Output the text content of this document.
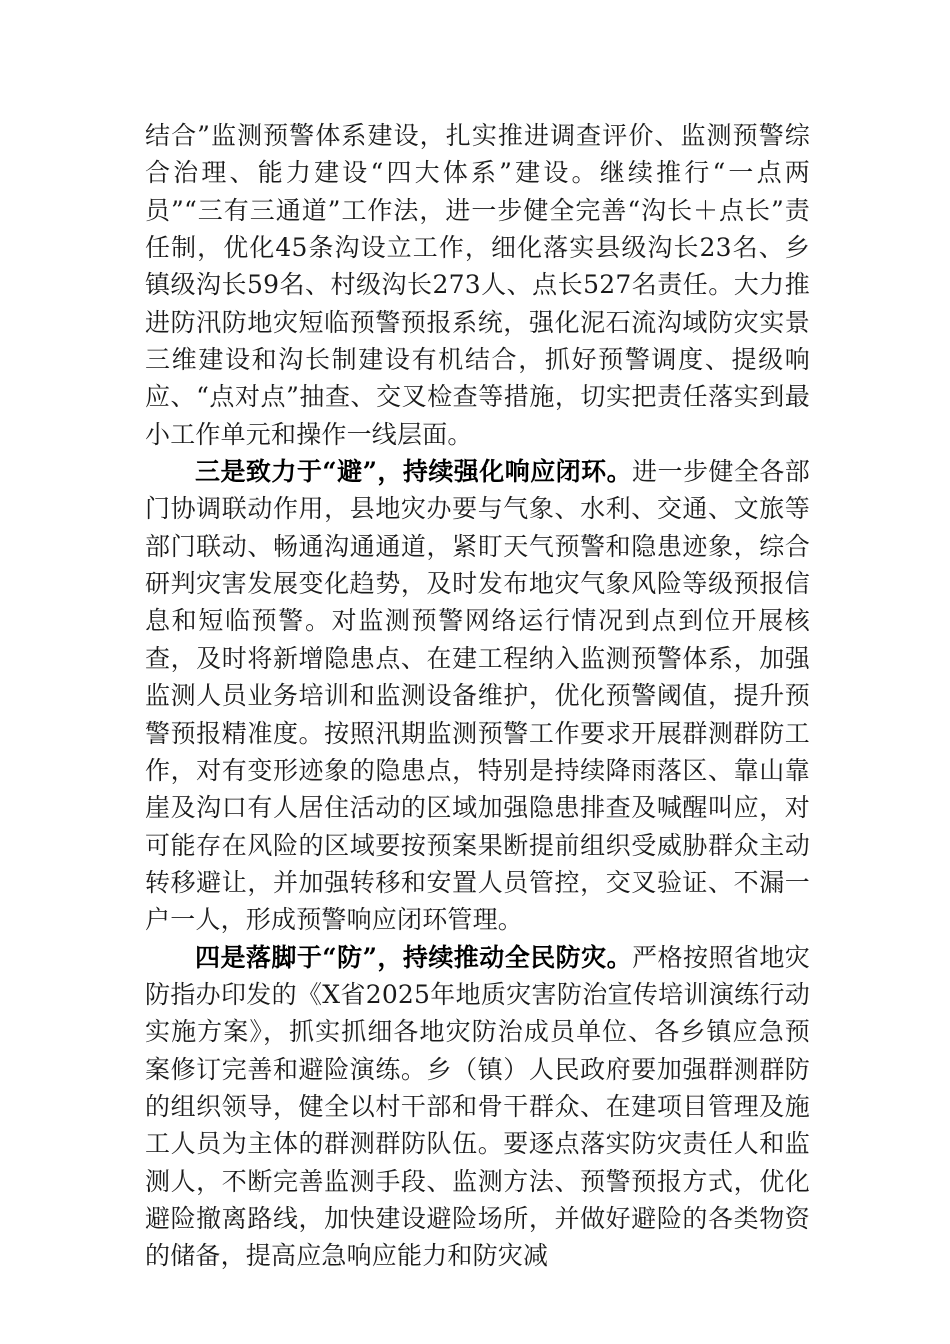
结合”监测预警体系建设，扎实推进调查评价、监测预警综合治理、能力建设“四大体系”建设。继续推行“一点两员”“三有三通道”工作法，进一步健全完善“沟长＋点长”责任制，优化45条沟设立工作，细化落实县级沟长23名、乡镇级沟长59名、村级沟长273人、点长527名责任。大力推进防汛防地灾短临预警预报系统，强化泥石流沟域防灾实景三维建设和沟长制建设有机结合，抓好预警调度、提级响应、“点对点”抽查、交叉检查等措施，切实把责任落实到最小工作单元和操作一线层面。

三是致力于“避”，持续强化响应闭环。进一步健全各部门协调联动作用，县地灾办要与气象、水利、交通、文旅等部门联动、畅通沟通通道，紧盯天气预警和隐患迹象，综合研判灾害发展变化趋势，及时发布地灾气象风险等级预报信息和短临预警。对监测预警网络运行情况到点到位开展核查，及时将新增隐患点、在建工程纳入监测预警体系，加强监测人员业务培训和监测设备维护，优化预警阈值，提升预警预报精准度。按照汛期监测预警工作要求开展群测群防工作，对有变形迹象的隐患点，特别是持续降雨落区、靠山靠崖及沟口有人居住活动的区域加强隐患排查及喊醒叫应，对可能存在风险的区域要按预案果断提前组织受威胁群众主动转移避让，并加强转移和安置人员管控，交叉验证、不漏一户一人，形成预警响应闭环管理。

四是落脚于“防”，持续推动全民防灾。严格按照省地灾防指办印发的《X省2025年地质灾害防治宣传培训演练行动实施方案》，抓实抓细各地灾防治成员单位、各乡镇应急预案修订完善和避险演练。乡（镇）人民政府要加强群测群防的组织领导，健全以村干部和骨干群众、在建项目管理及施工人员为主体的群测群防队伍。要逐点落实防灾责任人和监测人，不断完善监测手段、监测方法、预警预报方式，优化避险撤离路线，加快建设避险场所，并做好避险的各类物资的储备，提高应急响应能力和防灾减
